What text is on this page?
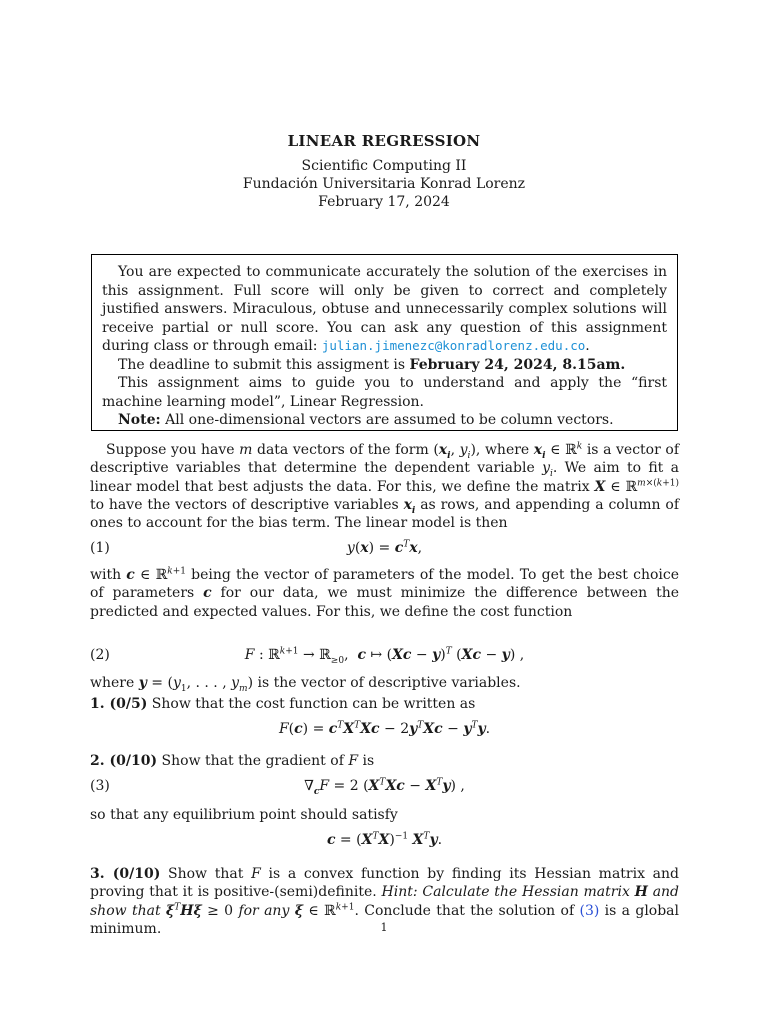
LINEAR REGRESSION
Scientific Computing II
Fundación Universitaria Konrad Lorenz
February 17, 2024

You are expected to communicate accurately the solution of the exercises in this assignment. Full score will only be given to correct and completely justified answers. Miraculous, obtuse and unnecessarily complex solutions will receive partial or null score. You can ask any question of this assignment during class or through email: julian.jimenezc@konradlorenz.edu.co.

The deadline to submit this assigment is February 24, 2024, 8.15am.

This assignment aims to guide you to understand and apply the “first machine learning model”, Linear Regression.

Note: All one-dimensional vectors are assumed to be column vectors.

Suppose you have m data vectors of the form ($x_i$, $y_i$), where $x_i$ ∈ ℝ$^k$ is a vector of descriptive variables that determine the dependent variable $y_i$. We aim to fit a linear model that best adjusts the data. For this, we define the matrix X ∈ ℝ$^{m\times(k+1)}$ to have the vectors of descriptive variables $x_i$ as rows, and appending a column of ones to account for the bias term. The linear model is then
(1)	$y(x) = c^Tx$,
with c ∈ ℝ$^{k+1}$ being the vector of parameters of the model. To get the best choice of parameters c for our data, we must minimize the difference between the predicted and expected values. For this, we define the cost function
(2)	F : ℝ$^{k+1}$ → ℝ$_{\ge 0}$,  c ↦ $(Xc - y)^T$ (Xc − y) ,
where $y = (y_1$, . . . , $y_m$) is the vector of descriptive variables.
1. (0/5) Show that the cost function can be written as
$F(c) = c^TX^TXc - 2y^TXc - y^Ty$.
2. (0/10) Show that the gradient of F is
(3)	$\nabla_cF = 2$ $(X^TXc - X^Ty)$ ,
so that any equilibrium point should satisfy
$c = (X^TX)^{-1}$ $X^Ty$.
3. (0/10) Show that F is a convex function by finding its Hessian matrix and proving that it is positive-(semi)definite. Hint: Calculate the Hessian matrix H and show that $\xi^TH\xi \ge 0$ for any ξ ∈ ℝ$^{k+1}$. Conclude that the solution of (3) is a global minimum.	1
